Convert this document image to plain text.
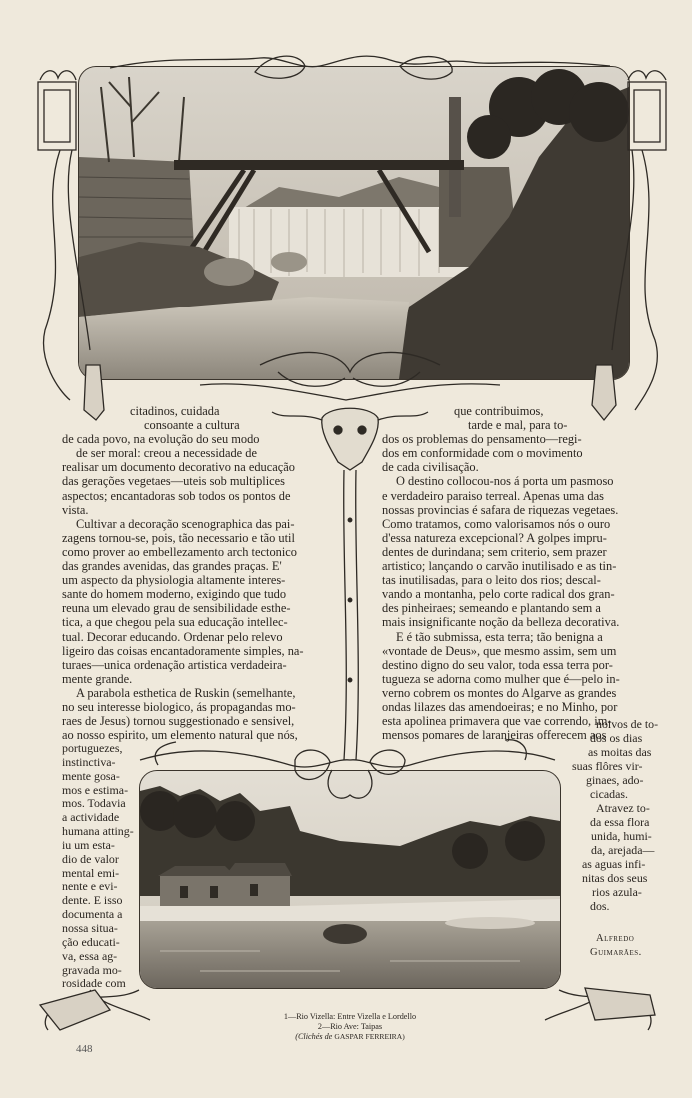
citadinos, cuidada
consoante a cultura
de cada povo, na evolução do seu modo
de ser moral: creou a necessidade de
realisar um documento decorativo na educação
das gerações vegetaes—uteis sob multiplices
aspectos; encantadoras sob todos os pontos de
vista.
Cultivar a decoração scenographica das pai-
zagens tornou-se, pois, tão necessario e tão util
como prover ao embellezamento arch tectonico
das grandes avenidas, das grandes praças. E'
um aspecto da physiologia altamente interes-
sante do homem moderno, exigindo que tudo
reuna um elevado grau de sensibilidade esthe-
tica, a que chegou pela sua educação intellec-
tual. Decorar educando. Ordenar pelo relevo
ligeiro das coisas encantadoramente simples, na-
turaes—unica ordenação artistica verdadeira-
mente grande.
A parabola esthetica de Ruskin (semelhante,
no seu interesse biologico, ás propagandas mo-
raes de Jesus) tornou suggestionado e sensivel,
ao nosso espirito, um elemento natural que nós,
portuguezes,
instinctiva-
mente gosa-
mos e estima-
mos. Todavia
a actividade
humana atting-
iu um esta-
dio de valor
mental emi-
nente e evi-
dente. E isso
documenta a
nossa situa-
ção educati-
va, essa ag-
gravada mo-
rosidade com
que contribuimos,
tarde e mal, para to-
dos os problemas do pensamento—regi-
dos em conformidade com o movimento
de cada civilisação.
O destino collocou-nos á porta um pasmoso
e verdadeiro paraiso terreal. Apenas uma das
nossas provincias é safara de riquezas vegetaes.
Como tratamos, como valorisamos nós o ouro
d'essa natureza excepcional? A golpes impru-
dentes de durindana; sem criterio, sem prazer
artistico; lançando o carvão inutilisado e as tin-
tas inutilisadas, para o leito dos rios; descal-
vando a montanha, pelo corte radical dos gran-
des pinheiraes; semeando e plantando sem a
mais insignificante noção da belleza decorativa.
E é tão submissa, esta terra; tão benigna a
«vontade de Deus», que mesmo assim, sem um
destino digno do seu valor, toda essa terra por-
tugueza se adorna como mulher que é—pelo in-
verno cobrem os montes do Algarve as grandes
ondas lilazes das amendoeiras; e no Minho, por
esta apolinea primavera que vae correndo, im-
mensos pomares de laranjeiras offerecem aos
noivos de to-
dos os dias
as moitas das
suas flôres vir-
ginaes, ado-
cicadas.
Atravez to-
da essa flora
unida, humi-
da, arejada—
as aguas infi-
nitas dos seus
rios azula-
dos.
Alfredo
Guimarães.
1—Rio Vizella: Entre Vizella e Lordello
2—Rio Ave: Taipas
(Clichés de GASPAR FERREIRA)
448
